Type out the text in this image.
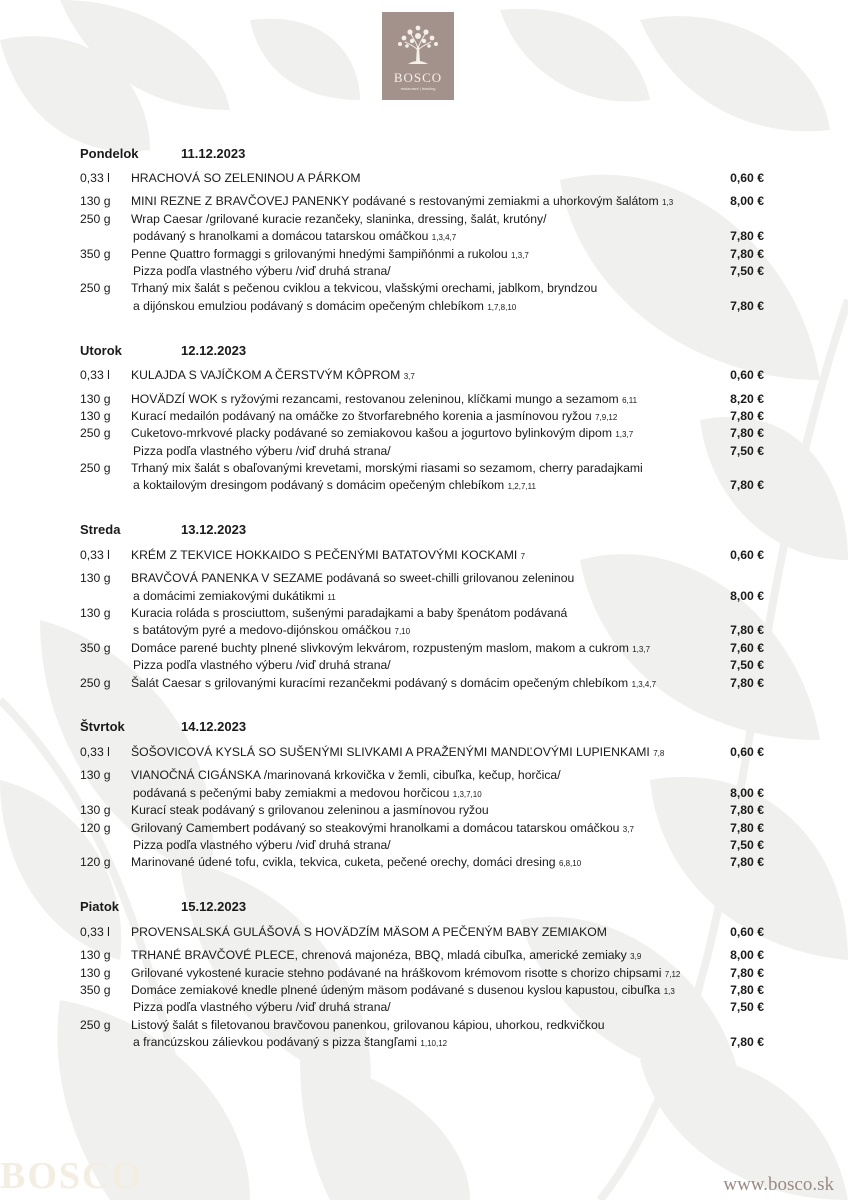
BOSCO
restaurant | bowling
Pondelok	11.12.2023
0,33 l HRACHOVÁ SO ZELENINOU A PÁRKOM	0,60 €
130 g MINI REZNE Z BRAVČOVEJ PANENKY podávané s restovanými zemiakmi a uhorkovým šalátom 1,3	8,00 €
250 g Wrap Caesar /grilované kuracie rezančeky, slaninka, dressing, šalát, krutóny/
podávaný s hranolkami a domácou tatarskou omáčkou 1,3,4,7	7,80 €
350 g Penne Quattro formaggi s grilovanými hnedými šampiňónmi a rukolou 1,3,7	7,80 €
Pizza podľa vlastného výberu /viď druhá strana/	7,50 €
250 g Trhaný mix šalát s pečenou cviklou a tekvicou, vlašskými orechami, jablkom, bryndzou
a dijónskou emulziou podávaný s domácim opečeným chlebíkom 1,7,8,10	7,80 €
Utorok	12.12.2023
0,33 l KULAJDA S VAJÍČKOM A ČERSTVÝM KÔPROM 3,7	0,60 €
130 g HOVÄDZÍ WOK s ryžovými rezancami, restovanou zeleninou, klíčkami mungo a sezamom 6,11	8,20 €
130 g Kurací medailón podávaný na omáčke zo štvorfarebného korenia a jasmínovou ryžou 7,9,12	7,80 €
250 g Cuketovo-mrkvové placky podávané so zemiakovou kašou a jogurtovo bylinkovým dipom 1,3,7	7,80 €
Pizza podľa vlastného výberu /viď druhá strana/	7,50 €
250 g Trhaný mix šalát s obaľovanými krevetami, morskými riasami so sezamom, cherry paradajkami
a koktailovým dresingom podávaný s domácim opečeným chlebíkom 1,2,7,11	7,80 €
Streda	13.12.2023
0,33 l KRÉM Z TEKVICE HOKKAIDO S PEČENÝMI BATATOVÝMI KOCKAMI 7	0,60 €
130 g BRAVČOVÁ PANENKA V SEZAME podávaná so sweet-chilli grilovanou zeleninou
a domácimi zemiakovými dukátikmi 11	8,00 €
130 g Kuracia roláda s prosciuttom, sušenými paradajkami a baby špenátom podávaná
s batátovým pyré a medovo-dijónskou omáčkou 7,10	7,80 €
350 g Domáce parené buchty plnené slivkovým lekvárom, rozpusteným maslom, makom a cukrom 1,3,7	7,60 €
Pizza podľa vlastného výberu /viď druhá strana/	7,50 €
250 g Šalát Caesar s grilovanými kuracími rezančekmi podávaný s domácim opečeným chlebíkom 1,3,4,7	7,80 €
Štvrtok	14.12.2023
0,33 l ŠOŠOVICOVÁ KYSLÁ SO SUŠENÝMI SLIVKAMI A PRAŽENÝMI MANDĽOVÝMI LUPIENKAMI 7,8	0,60 €
130 g VIANOČNÁ CIGÁNSKA /marinovaná krkovička v žemli, cibuľka, kečup, horčica/
podávaná s pečenými baby zemiakmi a medovou horčicou 1,3,7,10	8,00 €
130 g Kurací steak podávaný s grilovanou zeleninou a jasmínovou ryžou	7,80 €
120 g Grilovaný Camembert podávaný so steakovými hranolkami a domácou tatarskou omáčkou 3,7	7,80 €
Pizza podľa vlastného výberu /viď druhá strana/	7,50 €
120 g Marinované údené tofu, cvikla, tekvica, cuketa, pečené orechy, domáci dresing 6,8,10	7,80 €
Piatok	15.12.2023
0,33 l PROVENSALSKÁ GULÁŠOVÁ S HOVÄDZÍM MÄSOM A PEČENÝM BABY ZEMIAKOM	0,60 €
130 g TRHANÉ BRAVČOVÉ PLECE, chrenová majonéza, BBQ, mladá cibuľka, americké zemiaky 3,9	8,00 €
130 g Grilované vykostené kuracie stehno podávané na hráškovom krémovom risotte s chorizo chipsami 7,12	7,80 €
350 g Domáce zemiakové knedle plnené údeným mäsom podávané s dusenou kyslou kapustou, cibuľka 1,3	7,80 €
Pizza podľa vlastného výberu /viď druhá strana/	7,50 €
250 g Listový šalát s filetovanou bravčovou panenkou, grilovanou kápiou, uhorkou, redkvičkou
a francúzskou zálievkou podávaný s pizza štangľami 1,10,12	7,80 €
BOSCO	www.bosco.sk
